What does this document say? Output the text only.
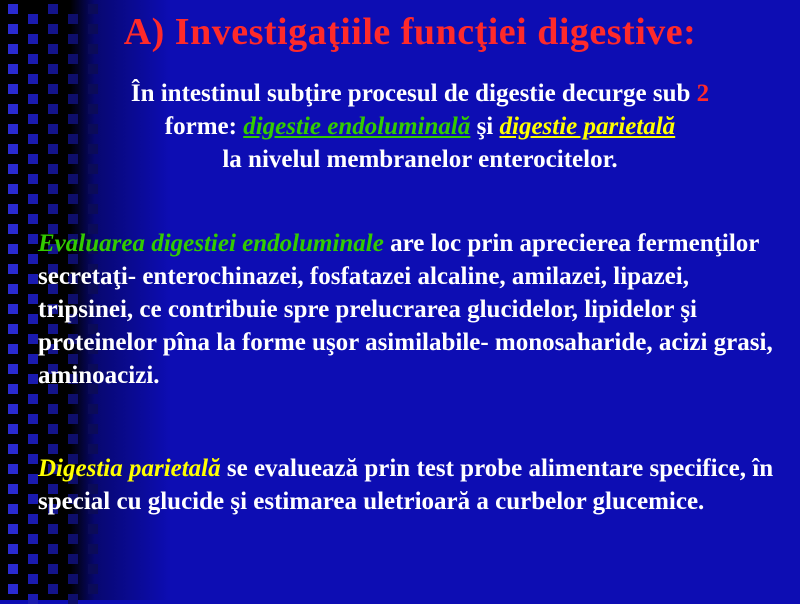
A) Investigaţiile funcţiei digestive:
În intestinul subţire procesul de digestie decurge sub 2
forme: digestie endoluminală şi digestie parietală
la nivelul membranelor enterocitelor.
Evaluarea digestiei endoluminale are loc prin aprecierea fermenţilor secretaţi- enterochinazei, fosfatazei alcaline, amilazei, lipazei, tripsinei, ce contribuie spre prelucrarea glucidelor, lipidelor şi proteinelor pîna la forme uşor asimilabile- monosaharide, acizi grasi, aminoacizi.
Digestia parietală se evaluează prin test probe alimentare specifice, în special cu glucide şi estimarea uletrioară a curbelor glucemice.
